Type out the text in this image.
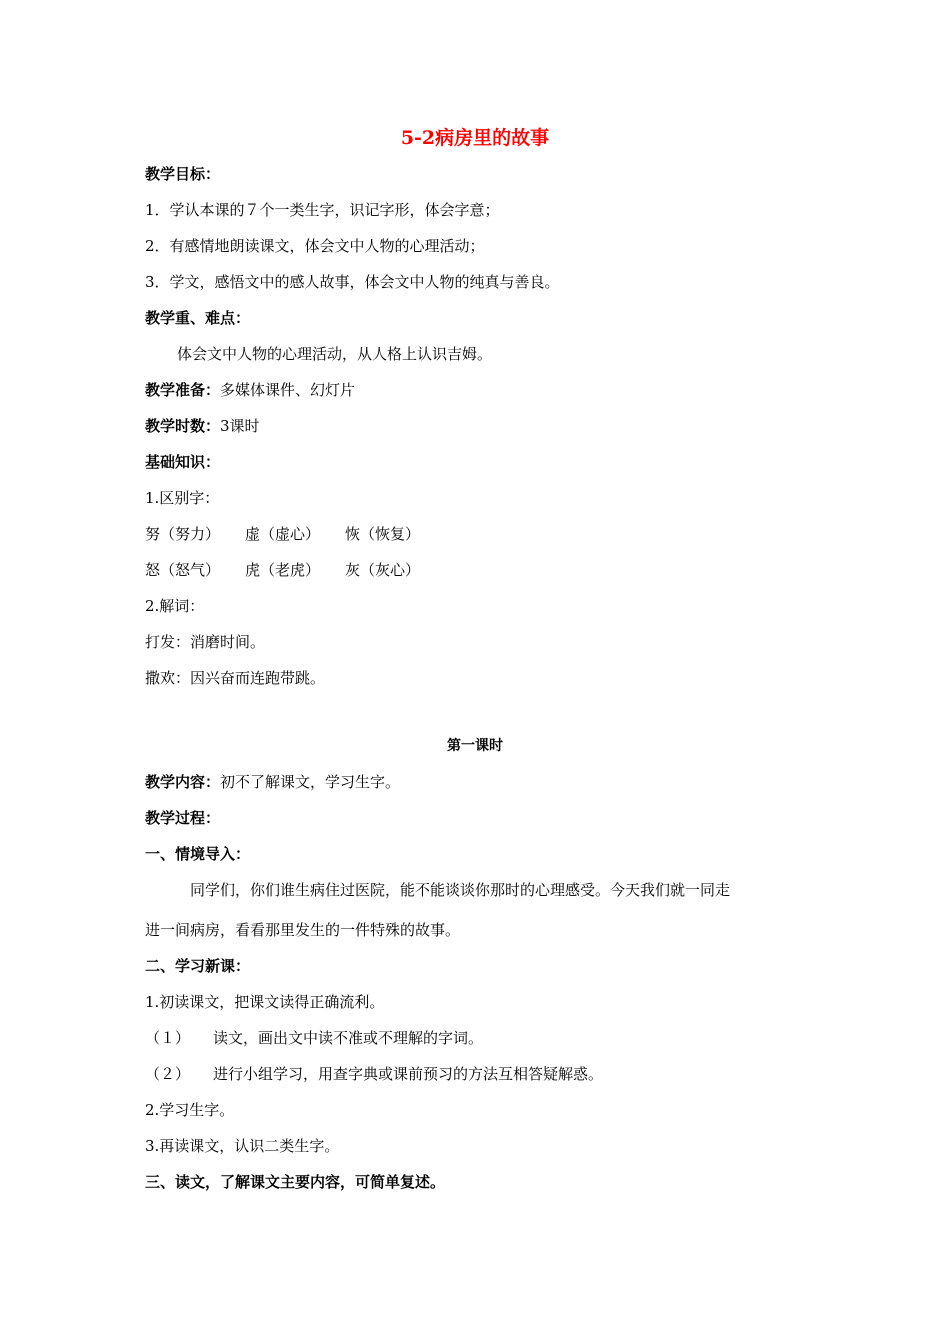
5-2病房里的故事
教学目标：
1．学认本课的７个一类生字，识记字形，体会字意；
2．有感情地朗读课文，体会文中人物的心理活动；
3．学文，感悟文中的感人故事，体会文中人物的纯真与善良。
教学重、难点：
体会文中人物的心理活动，从人格上认识吉姆。
教学准备：多媒体课件、幻灯片
教学时数：3课时
基础知识：
1.区别字：
努（努力） 虚（虚心） 恢（恢复）
怒（怒气） 虎（老虎） 灰（灰心）
2.解词：
打发：消磨时间。
撒欢：因兴奋而连跑带跳。
第一课时
教学内容：初不了解课文，学习生字。
教学过程：
一、情境导入：
同学们，你们谁生病住过医院，能不能谈谈你那时的心理感受。今天我们就一同走
进一间病房，看看那里发生的一件特殊的故事。
二、学习新课：
1.初读课文，把课文读得正确流利。
（１） 读文，画出文中读不准或不理解的字词。
（２） 进行小组学习，用查字典或课前预习的方法互相答疑解惑。
2.学习生字。
3.再读课文，认识二类生字。
三、读文，了解课文主要内容，可简单复述。
